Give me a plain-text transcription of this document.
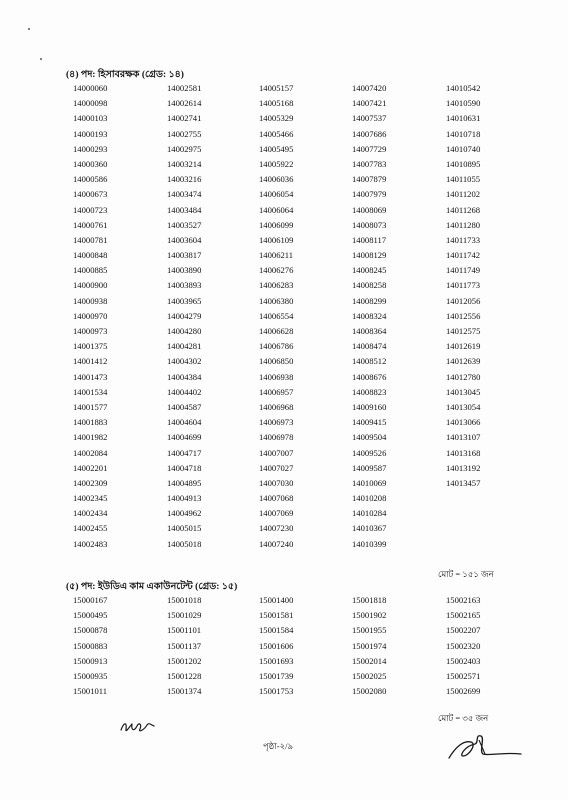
(৪) পদ: হিসাবরক্ষক (গ্রেড: ১৪)
14000060
14000098
14000103
14000193
14000293
14000360
14000586
14000673
14000723
14000761
14000781
14000848
14000885
14000900
14000938
14000970
14000973
14001375
14001412
14001473
14001534
14001577
14001883
14001982
14002084
14002201
14002309
14002345
14002434
14002455
14002483
14002581
14002614
14002741
14002755
14002975
14003214
14003216
14003474
14003484
14003527
14003604
14003817
14003890
14003893
14003965
14004279
14004280
14004281
14004302
14004384
14004402
14004587
14004604
14004699
14004717
14004718
14004895
14004913
14004962
14005015
14005018
14005157
14005168
14005329
14005466
14005495
14005922
14006036
14006054
14006064
14006099
14006109
14006211
14006276
14006283
14006380
14006554
14006628
14006786
14006850
14006938
14006957
14006968
14006973
14006978
14007007
14007027
14007030
14007068
14007069
14007230
14007240
14007420
14007421
14007537
14007686
14007729
14007783
14007879
14007979
14008069
14008073
14008117
14008129
14008245
14008258
14008299
14008324
14008364
14008474
14008512
14008676
14008823
14009160
14009415
14009504
14009526
14009587
14010069
14010208
14010284
14010367
14010399
14010542
14010590
14010631
14010718
14010740
14010895
14011055
14011202
14011268
14011280
14011733
14011742
14011749
14011773
14012056
14012556
14012575
14012619
14012639
14012780
14013045
14013054
14013066
14013107
14013168
14013192
14013457
মোট = ১৫১ জন
(৫) পদ: ইউডিএ কাম একাউনটেন্ট (গ্রেড: ১৫)
15000167
15000495
15000878
15000883
15000913
15000935
15001011
15001018
15001029
15001101
15001137
15001202
15001228
15001374
15001400
15001581
15001584
15001606
15001693
15001739
15001753
15001818
15001902
15001955
15001974
15002014
15002025
15002080
15002163
15002165
15002207
15002320
15002403
15002571
15002699
মোট = ৩৫ জন
পৃষ্ঠা-২/৯
